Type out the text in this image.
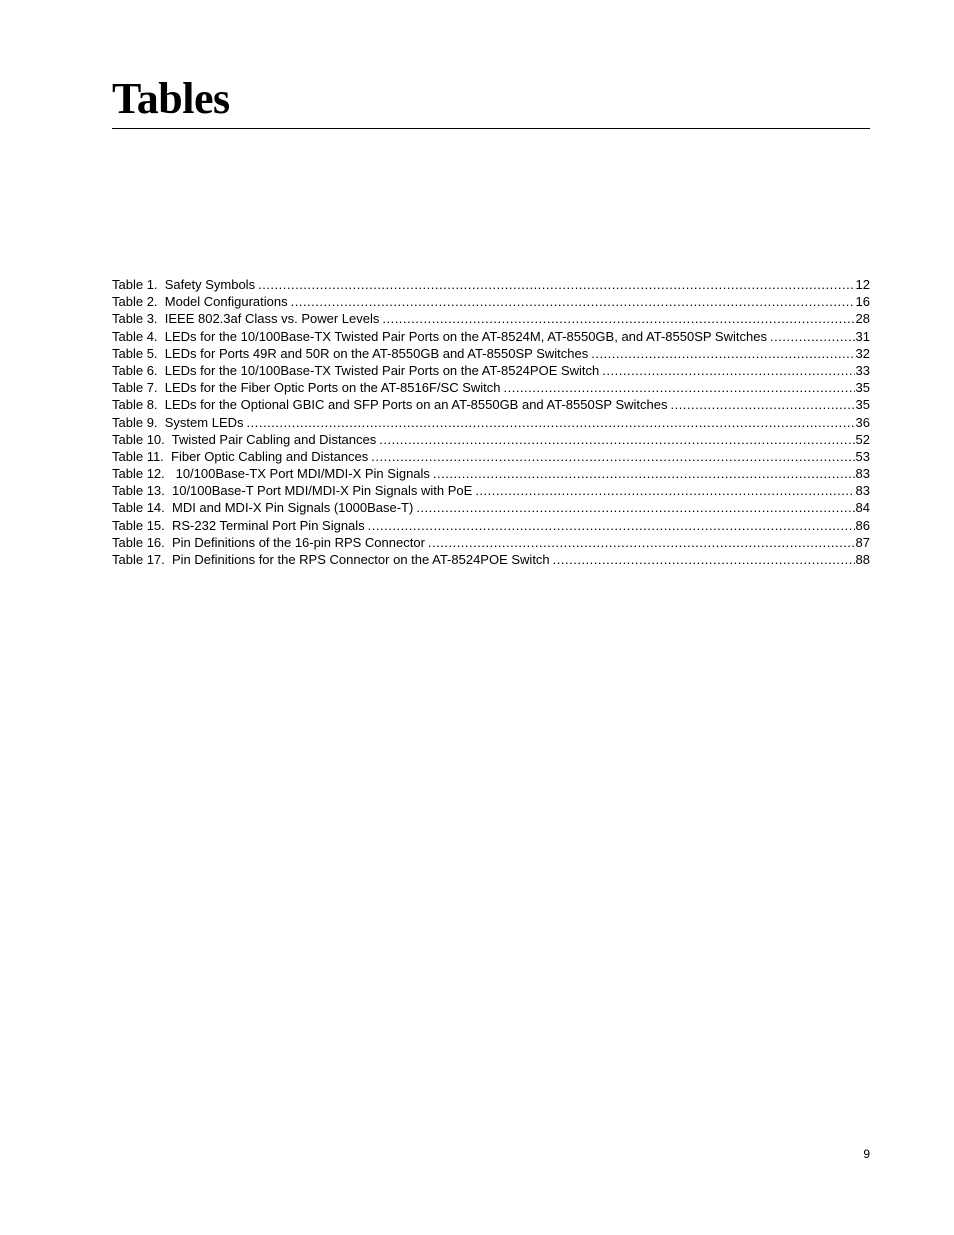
Tables
Table 1.  Safety Symbols .....	12
Table 2.  Model Configurations .....	16
Table 3.  IEEE 802.3af Class vs. Power Levels .....	28
Table 4.  LEDs for the 10/100Base-TX Twisted Pair Ports on the AT-8524M, AT-8550GB, and AT-8550SP Switches .....	31
Table 5.  LEDs for Ports 49R and 50R on the AT-8550GB and AT-8550SP Switches .....	32
Table 6.  LEDs for the 10/100Base-TX Twisted Pair Ports on the AT-8524POE Switch .....	33
Table 7.  LEDs for the Fiber Optic Ports on the AT-8516F/SC Switch .....	35
Table 8.  LEDs for the Optional GBIC and SFP Ports on an AT-8550GB and AT-8550SP Switches .....	35
Table 9.  System LEDs .....	36
Table 10.  Twisted Pair Cabling and Distances .....	52
Table 11.  Fiber Optic Cabling and Distances .....	53
Table 12.   10/100Base-TX Port MDI/MDI-X Pin Signals .....	83
Table 13.  10/100Base-T Port MDI/MDI-X Pin Signals with PoE .....	83
Table 14.  MDI and MDI-X Pin Signals (1000Base-T) .....	84
Table 15.  RS-232 Terminal Port Pin Signals .....	86
Table 16.  Pin Definitions of the 16-pin RPS Connector .....	87
Table 17.  Pin Definitions for the RPS Connector on the AT-8524POE Switch .....	88
9
